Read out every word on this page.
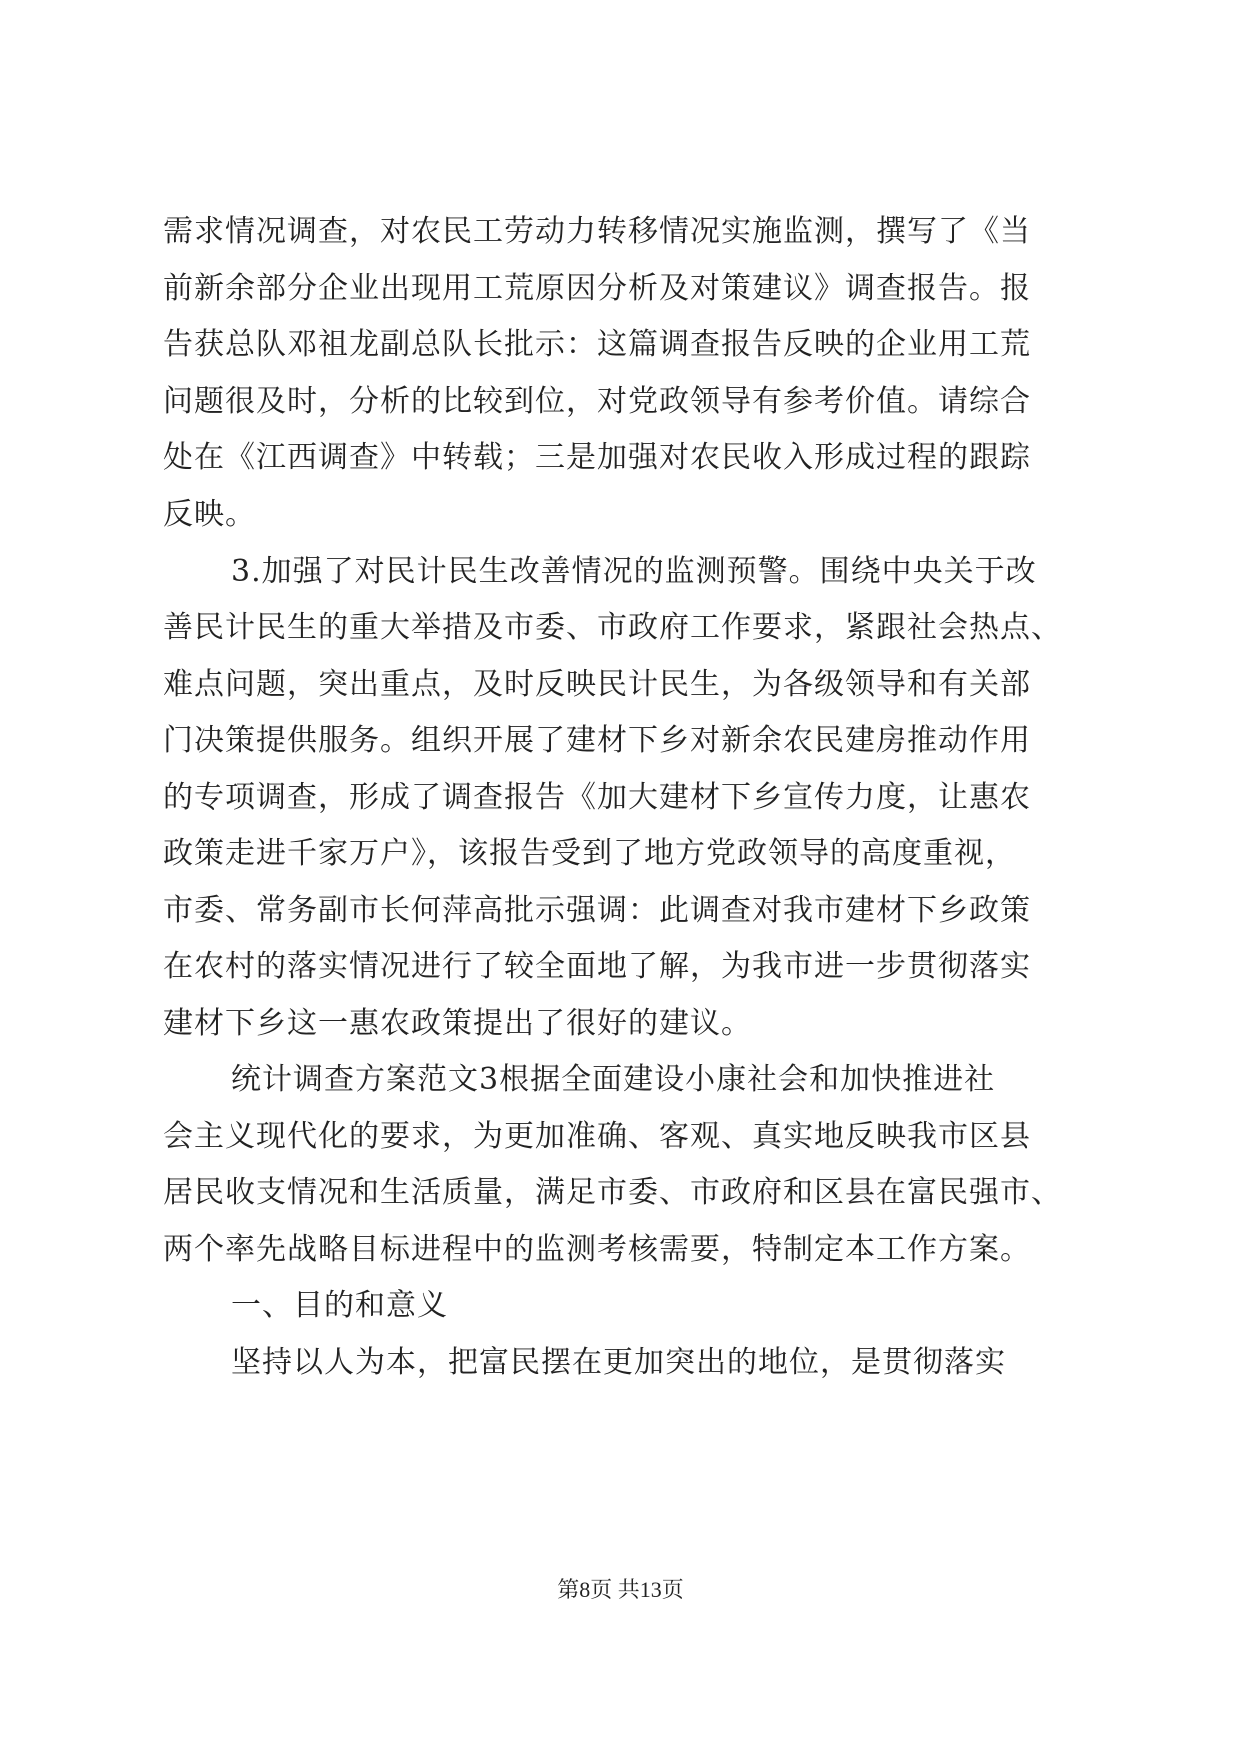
需求情况调查，对农民工劳动力转移情况实施监测，撰写了《当
前新余部分企业出现用工荒原因分析及对策建议》调查报告。报
告获总队邓祖龙副总队长批示：这篇调查报告反映的企业用工荒
问题很及时，分析的比较到位，对党政领导有参考价值。请综合
处在《江西调查》中转载；三是加强对农民收入形成过程的跟踪
反映。
3.加强了对民计民生改善情况的监测预警。围绕中央关于改
善民计民生的重大举措及市委、市政府工作要求，紧跟社会热点、
难点问题，突出重点，及时反映民计民生，为各级领导和有关部
门决策提供服务。组织开展了建材下乡对新余农民建房推动作用
的专项调查，形成了调查报告《加大建材下乡宣传力度，让惠农
政策走进千家万户》，该报告受到了地方党政领导的高度重视，
市委、常务副市长何萍高批示强调：此调查对我市建材下乡政策
在农村的落实情况进行了较全面地了解，为我市进一步贯彻落实
建材下乡这一惠农政策提出了很好的建议。
统计调查方案范文3根据全面建设小康社会和加快推进社
会主义现代化的要求，为更加准确、客观、真实地反映我市区县
居民收支情况和生活质量，满足市委、市政府和区县在富民强市、
两个率先战略目标进程中的监测考核需要，特制定本工作方案。
一、目的和意义
坚持以人为本，把富民摆在更加突出的地位，是贯彻落实
第8页 共13页
